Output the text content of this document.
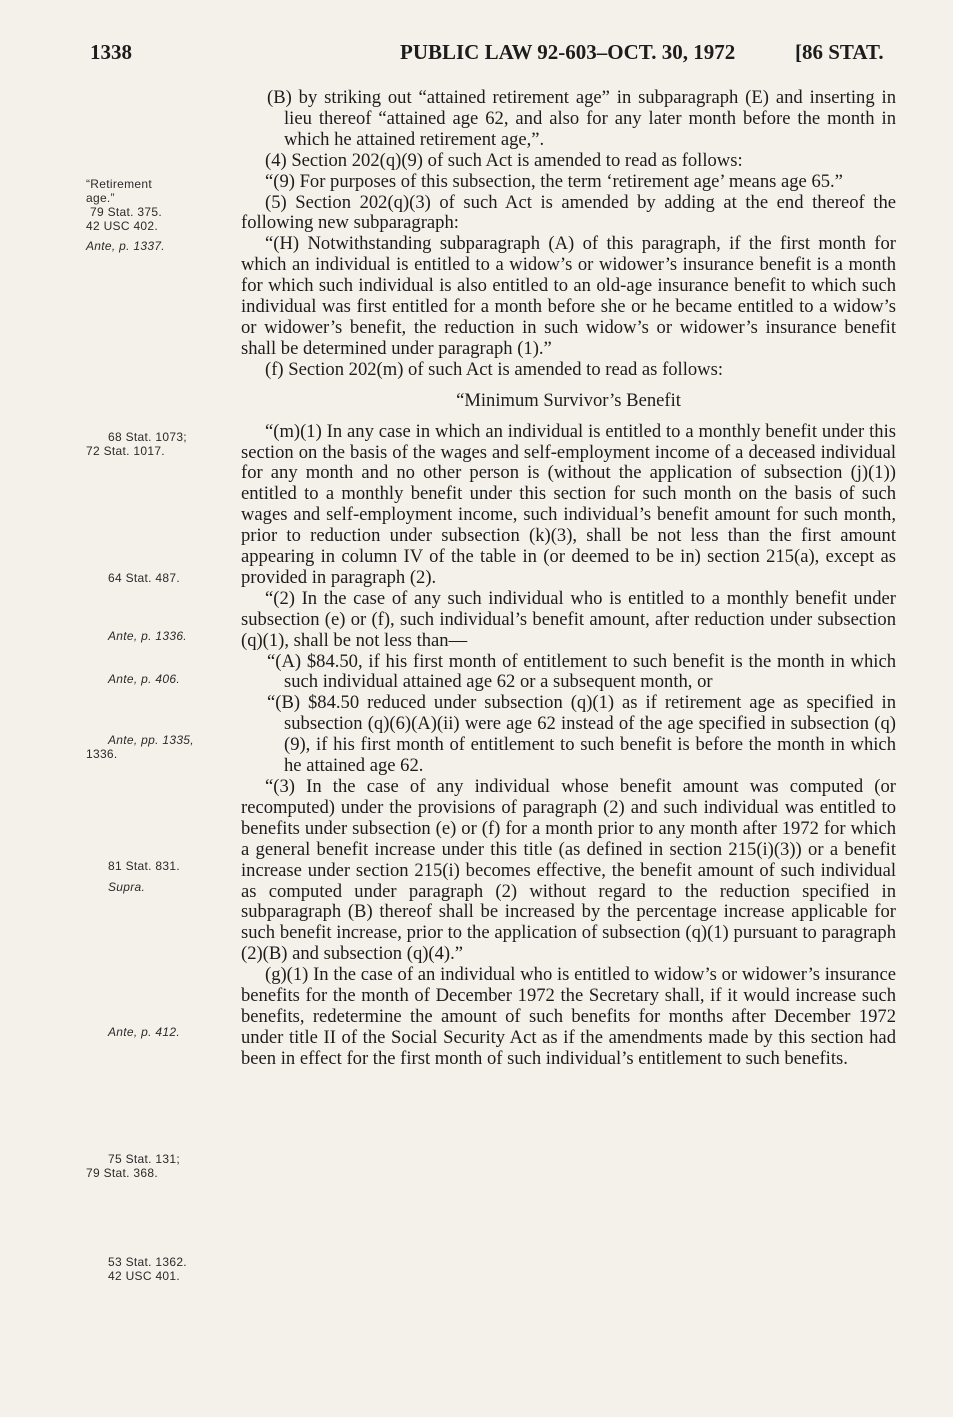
1338	PUBLIC LAW 92-603–OCT. 30, 1972	[86 STAT.
“Retirement
age.”
79 Stat. 375.
42 USC 402.
Ante, p. 1337.
68 Stat. 1073;
72 Stat. 1017.
64 Stat. 487.
Ante, p. 1336.
Ante, p. 406.
Ante, pp. 1335,
1336.
81 Stat. 831.
Supra.
Ante, p. 412.
75 Stat. 131;
79 Stat. 368.
53 Stat. 1362.
42 USC 401.

(B) by striking out “attained retirement age” in subparagraph (E) and inserting in lieu thereof “attained age 62, and also for any later month before the month in which he attained retirement age,”.

(4) Section 202(q)(9) of such Act is amended to read as follows:

“(9) For purposes of this subsection, the term ‘retirement age’ means age 65.”

(5) Section 202(q)(3) of such Act is amended by adding at the end thereof the following new subparagraph:

“(H) Notwithstanding subparagraph (A) of this paragraph, if the first month for which an individual is entitled to a widow’s or widower’s insurance benefit is a month for which such individual is also entitled to an old-age insurance benefit to which such individual was first entitled for a month before she or he became entitled to a widow’s or widower’s benefit, the reduction in such widow’s or widower’s insurance benefit shall be determined under paragraph (1).”

(f) Section 202(m) of such Act is amended to read as follows:

“Minimum Survivor’s Benefit

“(m)(1) In any case in which an individual is entitled to a monthly benefit under this section on the basis of the wages and self-employment income of a deceased individual for any month and no other person is (without the application of subsection (j)(1)) entitled to a monthly benefit under this section for such month on the basis of such wages and self-employment income, such individual’s benefit amount for such month, prior to reduction under subsection (k)(3), shall be not less than the first amount appearing in column IV of the table in (or deemed to be in) section 215(a), except as provided in paragraph (2).

“(2) In the case of any such individual who is entitled to a monthly benefit under subsection (e) or (f), such individual’s benefit amount, after reduction under subsection (q)(1), shall be not less than—

“(A) $84.50, if his first month of entitlement to such benefit is the month in which such individual attained age 62 or a subsequent month, or

“(B) $84.50 reduced under subsection (q)(1) as if retirement age as specified in subsection (q)(6)(A)(ii) were age 62 instead of the age specified in subsection (q)(9), if his first month of entitlement to such benefit is before the month in which he attained age 62.

“(3) In the case of any individual whose benefit amount was computed (or recomputed) under the provisions of paragraph (2) and such individual was entitled to benefits under subsection (e) or (f) for a month prior to any month after 1972 for which a general benefit increase under this title (as defined in section 215(i)(3)) or a benefit increase under section 215(i) becomes effective, the benefit amount of such individual as computed under paragraph (2) without regard to the reduction specified in subparagraph (B) thereof shall be increased by the percentage increase applicable for such benefit increase, prior to the application of subsection (q)(1) pursuant to paragraph (2)(B) and subsection (q)(4).”

(g)(1) In the case of an individual who is entitled to widow’s or widower’s insurance benefits for the month of December 1972 the Secretary shall, if it would increase such benefits, redetermine the amount of such benefits for months after December 1972 under title II of the Social Security Act as if the amendments made by this section had been in effect for the first month of such individual’s entitlement to such benefits.
